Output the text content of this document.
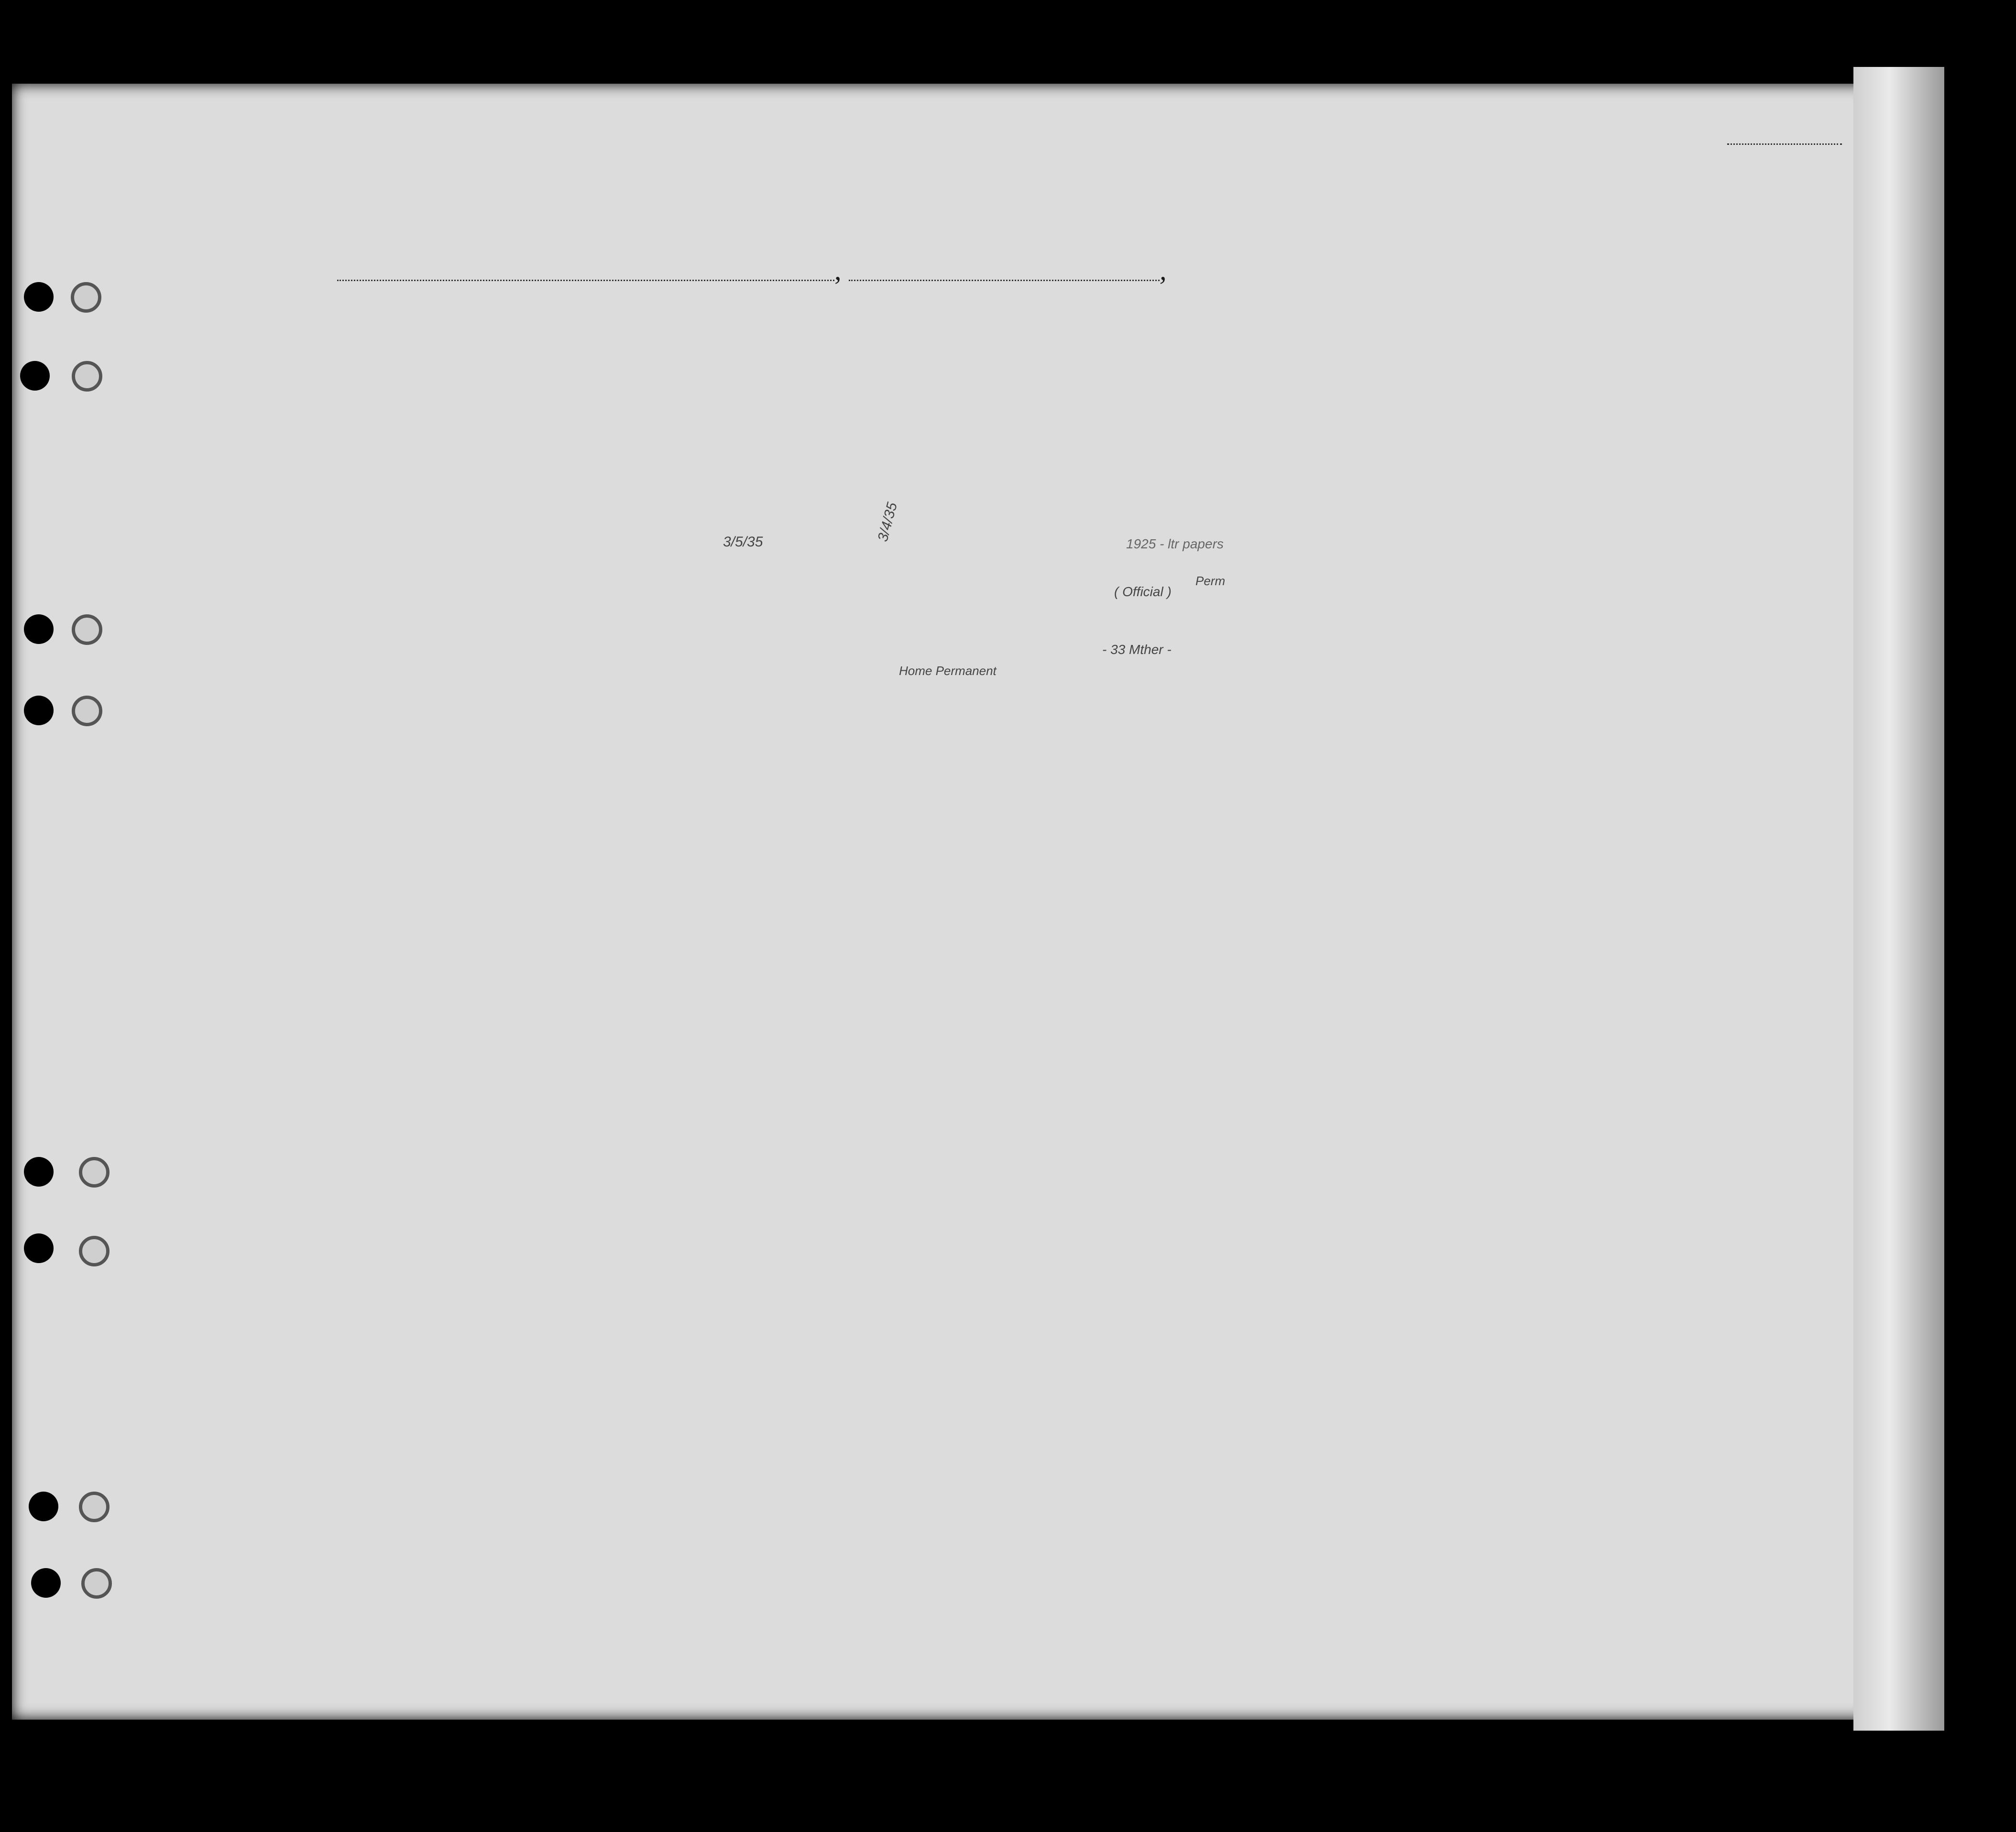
,	,
3/4/35
3/5/35	1925 - ltr papers
( Official )
Perm
- 33 Mther -
Home Permanent
